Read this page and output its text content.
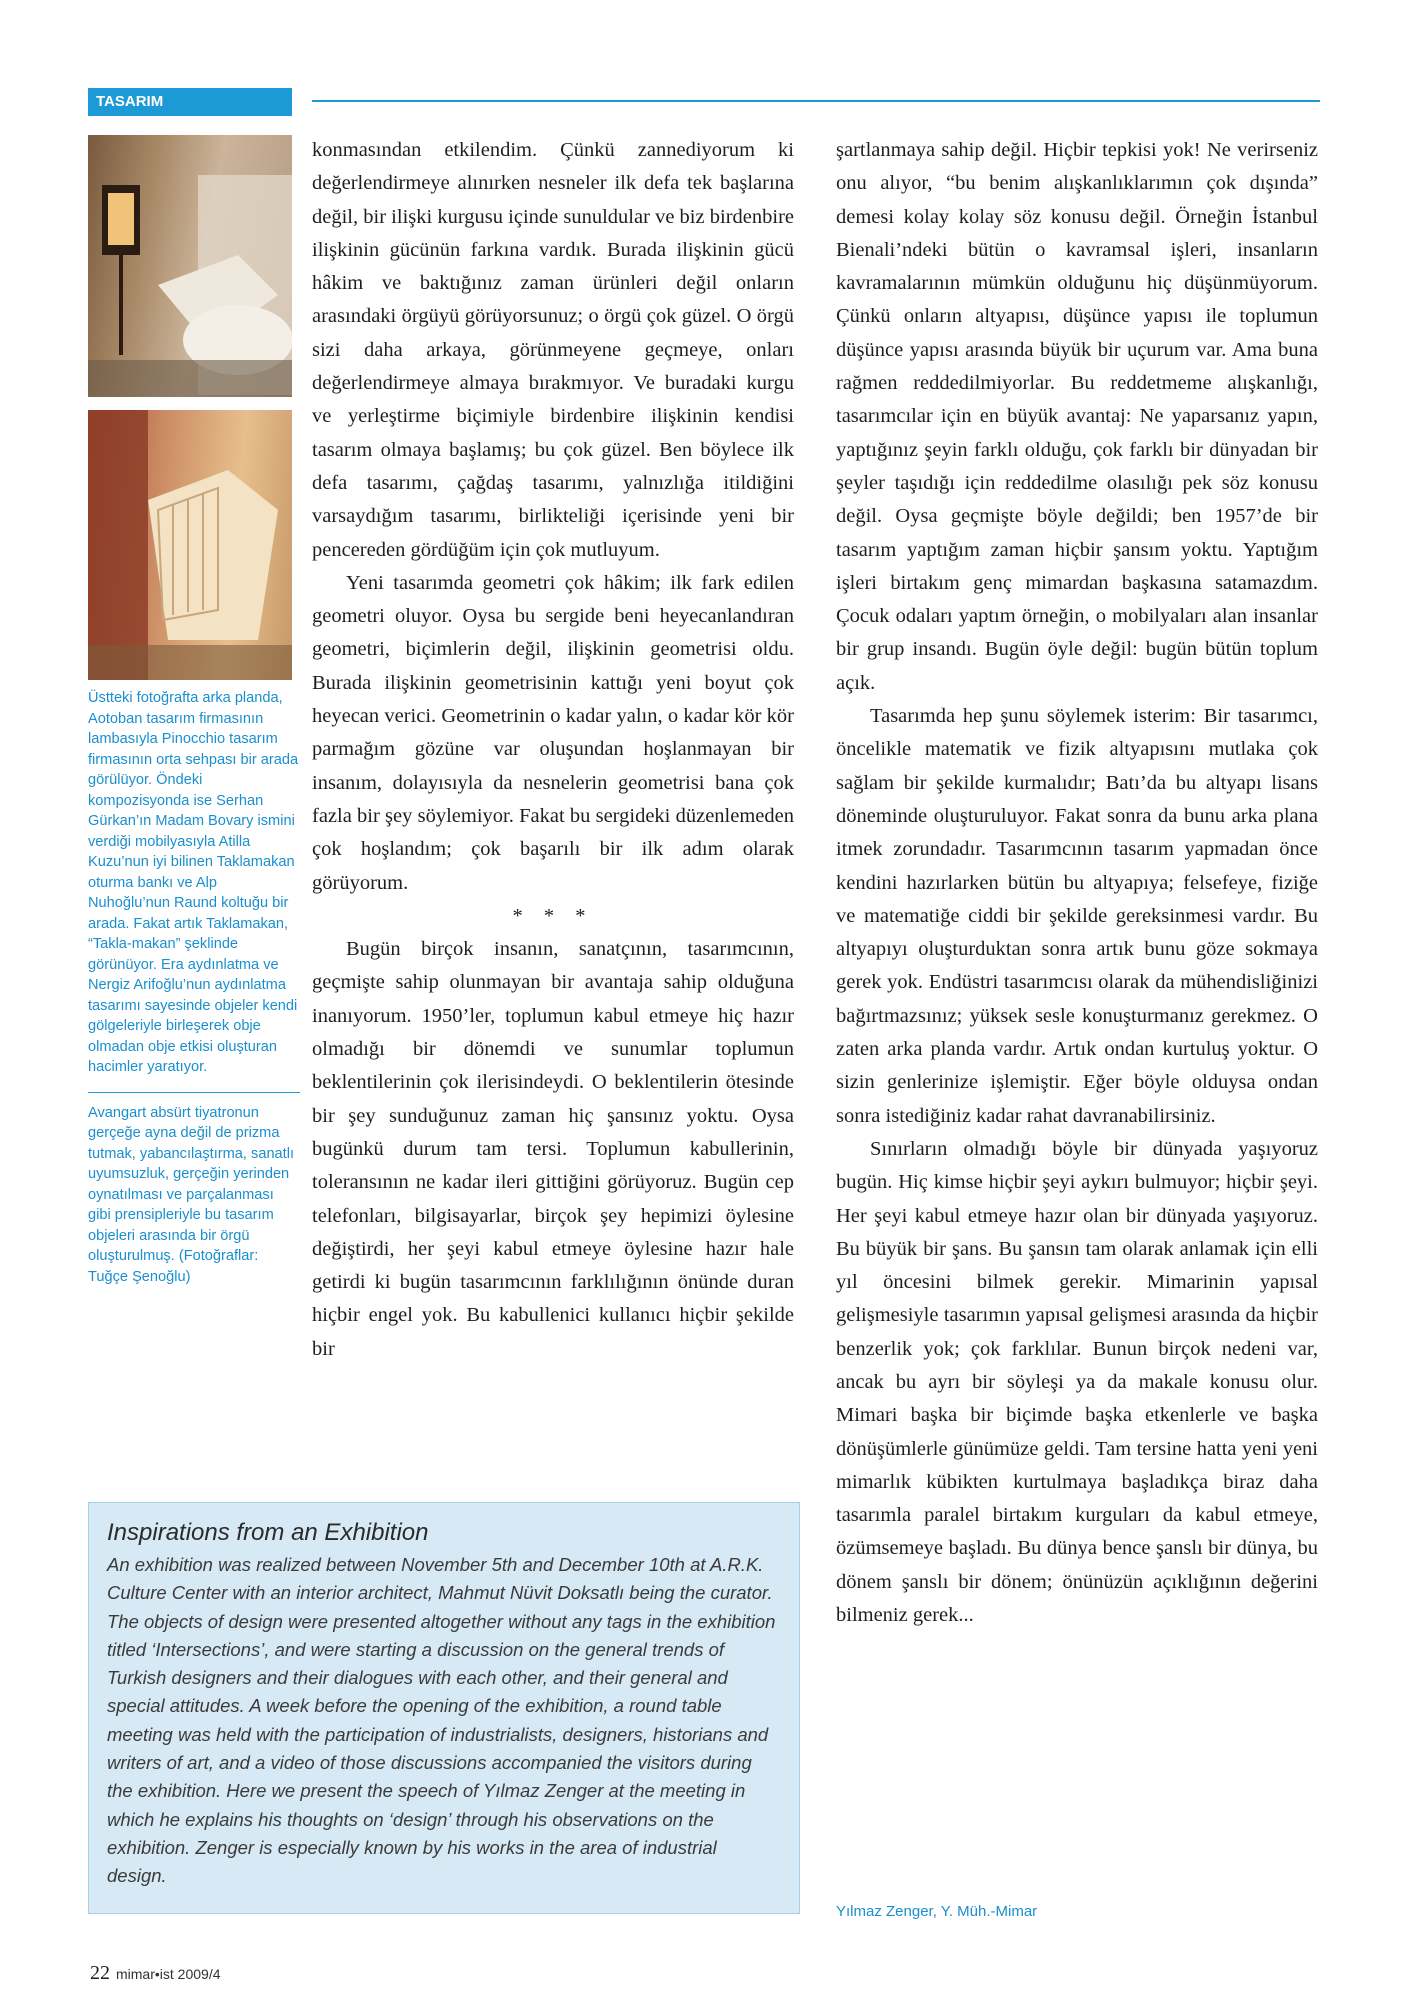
TASARIM

Üstteki fotoğrafta arka planda, Aotoban tasarım firmasının lambasıyla Pinocchio tasarım firmasının orta sehpası bir arada görülüyor. Öndeki kompozisyonda ise Serhan Gürkan’ın Madam Bovary ismini verdiği mobilyasıyla Atilla Kuzu’nun iyi bilinen Taklamakan oturma bankı ve Alp Nuhoğlu’nun Raund koltuğu bir arada. Fakat artık Taklamakan, “Takla-makan” şeklinde görünüyor. Era aydınlatma ve Nergiz Arifoğlu’nun aydınlatma tasarımı sayesinde objeler kendi gölgeleriyle birleşerek obje olmadan obje etkisi oluşturan hacimler yaratıyor.

Avangart absürt tiyatronun gerçeğe ayna değil de prizma tutmak, yabancılaştırma, sanatlı uyumsuzluk, gerçeğin yerinden oynatılması ve parçalanması gibi prensipleriyle bu tasarım objeleri arasında bir örgü oluşturulmuş. (Fotoğraflar: Tuğçe Şenoğlu)

konmasından etkilendim. Çünkü zannediyorum ki değerlendirmeye alınırken nesneler ilk defa tek başlarına değil, bir ilişki kurgusu içinde sunuldular ve biz birdenbire ilişkinin gücünün farkına vardık. Burada ilişkinin gücü hâkim ve baktığınız zaman ürünleri değil onların arasındaki örgüyü görüyorsunuz; o örgü çok güzel. O örgü sizi daha arkaya, görünmeyene geçmeye, onları değerlendirmeye almaya bırakmıyor. Ve buradaki kurgu ve yerleştirme biçimiyle birdenbire ilişkinin kendisi tasarım olmaya başlamış; bu çok güzel. Ben böylece ilk defa tasarımı, çağdaş tasarımı, yalnızlığa itildiğini varsaydığım tasarımı, birlikteliği içerisinde yeni bir pencereden gördüğüm için çok mutluyum.

Yeni tasarımda geometri çok hâkim; ilk fark edilen geometri oluyor. Oysa bu sergide beni heyecanlandıran geometri, biçimlerin değil, ilişkinin geometrisi oldu. Burada ilişkinin geometrisinin kattığı yeni boyut çok heyecan verici. Geometrinin o kadar yalın, o kadar kör kör parmağım gözüne var oluşundan hoşlanmayan bir insanım, dolayısıyla da nesnelerin geometrisi bana çok fazla bir şey söylemiyor. Fakat bu sergideki düzenlemeden çok hoşlandım; çok başarılı bir ilk adım olarak görüyorum.

* * *

Bugün birçok insanın, sanatçının, tasarımcının, geçmişte sahip olunmayan bir avantaja sahip olduğuna inanıyorum. 1950’ler, toplumun kabul etmeye hiç hazır olmadığı bir dönemdi ve sunumlar toplumun beklentilerinin çok ilerisindeydi. O beklentilerin ötesinde bir şey sunduğunuz zaman hiç şansınız yoktu. Oysa bugünkü durum tam tersi. Toplumun kabullerinin, toleransının ne kadar ileri gittiğini görüyoruz. Bugün cep telefonları, bilgisayarlar, birçok şey hepimizi öylesine değiştirdi, her şeyi kabul etmeye öylesine hazır hale getirdi ki bugün tasarımcının farklılığının önünde duran hiçbir engel yok. Bu kabullenici kullanıcı hiçbir şekilde bir

şartlanmaya sahip değil. Hiçbir tepkisi yok! Ne verirseniz onu alıyor, “bu benim alışkanlıklarımın çok dışında” demesi kolay kolay söz konusu değil. Örneğin İstanbul Bienali’ndeki bütün o kavramsal işleri, insanların kavramalarının mümkün olduğunu hiç düşünmüyorum. Çünkü onların altyapısı, düşünce yapısı ile toplumun düşünce yapısı arasında büyük bir uçurum var. Ama buna rağmen reddedilmiyorlar. Bu reddetmeme alışkanlığı, tasarımcılar için en büyük avantaj: Ne yaparsanız yapın, yaptığınız şeyin farklı olduğu, çok farklı bir dünyadan bir şeyler taşıdığı için reddedilme olasılığı pek söz konusu değil. Oysa geçmişte böyle değildi; ben 1957’de bir tasarım yaptığım zaman hiçbir şansım yoktu. Yaptığım işleri birtakım genç mimardan başkasına satamazdım. Çocuk odaları yaptım örneğin, o mobilyaları alan insanlar bir grup insandı. Bugün öyle değil: bugün bütün toplum açık.

Tasarımda hep şunu söylemek isterim: Bir tasarımcı, öncelikle matematik ve fizik altyapısını mutlaka çok sağlam bir şekilde kurmalıdır; Batı’da bu altyapı lisans döneminde oluşturuluyor. Fakat sonra da bunu arka plana itmek zorundadır. Tasarımcının tasarım yapmadan önce kendini hazırlarken bütün bu altyapıya; felsefeye, fiziğe ve matematiğe ciddi bir şekilde gereksinmesi vardır. Bu altyapıyı oluşturduktan sonra artık bunu göze sokmaya gerek yok. Endüstri tasarımcısı olarak da mühendisliğinizi bağırtmazsınız; yüksek sesle konuşturmanız gerekmez. O zaten arka planda vardır. Artık ondan kurtuluş yoktur. O sizin genlerinize işlemiştir. Eğer böyle olduysa ondan sonra istediğiniz kadar rahat davranabilirsiniz.

Sınırların olmadığı böyle bir dünyada yaşıyoruz bugün. Hiç kimse hiçbir şeyi aykırı bulmuyor; hiçbir şeyi. Her şeyi kabul etmeye hazır olan bir dünyada yaşıyoruz. Bu büyük bir şans. Bu şansın tam olarak anlamak için elli yıl öncesini bilmek gerekir. Mimarinin yapısal gelişmesiyle tasarımın yapısal gelişmesi arasında da hiçbir benzerlik yok; çok farklılar. Bunun birçok nedeni var, ancak bu ayrı bir söyleşi ya da makale konusu olur. Mimari başka bir biçimde başka etkenlerle ve başka dönüşümlerle günümüze geldi. Tam tersine hatta yeni yeni mimarlık kübikten kurtulmaya başladıkça biraz daha tasarımla paralel birtakım kurguları da kabul etmeye, özümsemeye başladı. Bu dünya bence şanslı bir dünya, bu dönem şanslı bir dönem; önünüzün açıklığının değerini bilmeniz gerek...

Yılmaz Zenger, Y. Müh.-Mimar
Inspirations from an Exhibition
An exhibition was realized between November 5th and December 10th at A.R.K. Culture Center with an interior architect, Mahmut Nüvit Doksatlı being the curator. The objects of design were presented altogether without any tags in the exhibition titled ‘Intersections’, and were starting a discussion on the general trends of Turkish designers and their dialogues with each other, and their general and special attitudes. A week before the opening of the exhibition, a round table meeting was held with the participation of industrialists, designers, historians and writers of art, and a video of those discussions accompanied the visitors during the exhibition. Here we present the speech of Yılmaz Zenger at the meeting in which he explains his thoughts on ‘design’ through his observations on the exhibition. Zenger is especially known by his works in the area of industrial design.
22 mimar•ist 2009/4
